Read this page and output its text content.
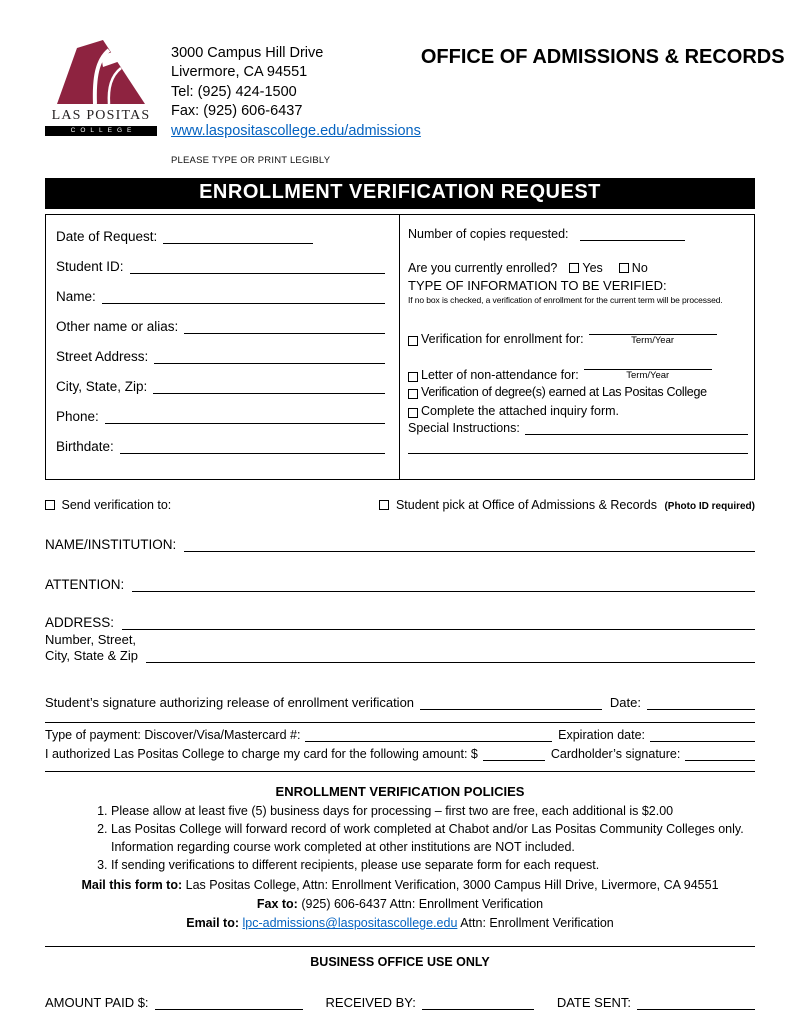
LAS POSITAS
COLLEGE
3000 Campus Hill Drive
Livermore, CA 94551
Tel: (925) 424-1500
Fax: (925) 606-6437
www.laspositascollege.edu/admissions
PLEASE TYPE OR PRINT LEGIBLY
OFFICE OF ADMISSIONS & RECORDS
ENROLLMENT VERIFICATION REQUEST
Date of Request:
Student ID:
Name:
Other name or alias:
Street Address:
City, State, Zip:
Phone:
Birthdate:
Number of copies requested:
Are you currently enrolled?	Yes	No
TYPE OF INFORMATION TO BE VERIFIED:
If no box is checked, a verification of enrollment for the current term will be processed.
Verification for enrollment for:	Term/Year
Letter of non-attendance for:	Term/Year
Verification of degree(s) earned at Las Positas College
Complete the attached inquiry form.
Special Instructions:
Send verification to:	Student pick at Office of Admissions & Records (Photo ID required)
NAME/INSTITUTION:
ATTENTION:
ADDRESS:
Number, Street,
City, State & Zip
Student’s signature authorizing release of enrollment verification	Date:
Type of payment: Discover/Visa/Mastercard #:	Expiration date:
I authorized Las Positas College to charge my card for the following amount: $	Cardholder’s signature:
ENROLLMENT VERIFICATION POLICIES
1. Please allow at least five (5) business days for processing – first two are free, each additional is $2.00
2. Las Positas College will forward record of work completed at Chabot and/or Las Positas Community Colleges only. Information regarding course work completed at other institutions are NOT included.
3. If sending verifications to different recipients, please use separate form for each request.
Mail this form to: Las Positas College, Attn: Enrollment Verification, 3000 Campus Hill Drive, Livermore, CA 94551
Fax to: (925) 606-6437 Attn: Enrollment Verification
Email to: lpc-admissions@laspositascollege.edu Attn: Enrollment Verification
BUSINESS OFFICE USE ONLY
AMOUNT PAID $:	RECEIVED BY:	DATE SENT:
